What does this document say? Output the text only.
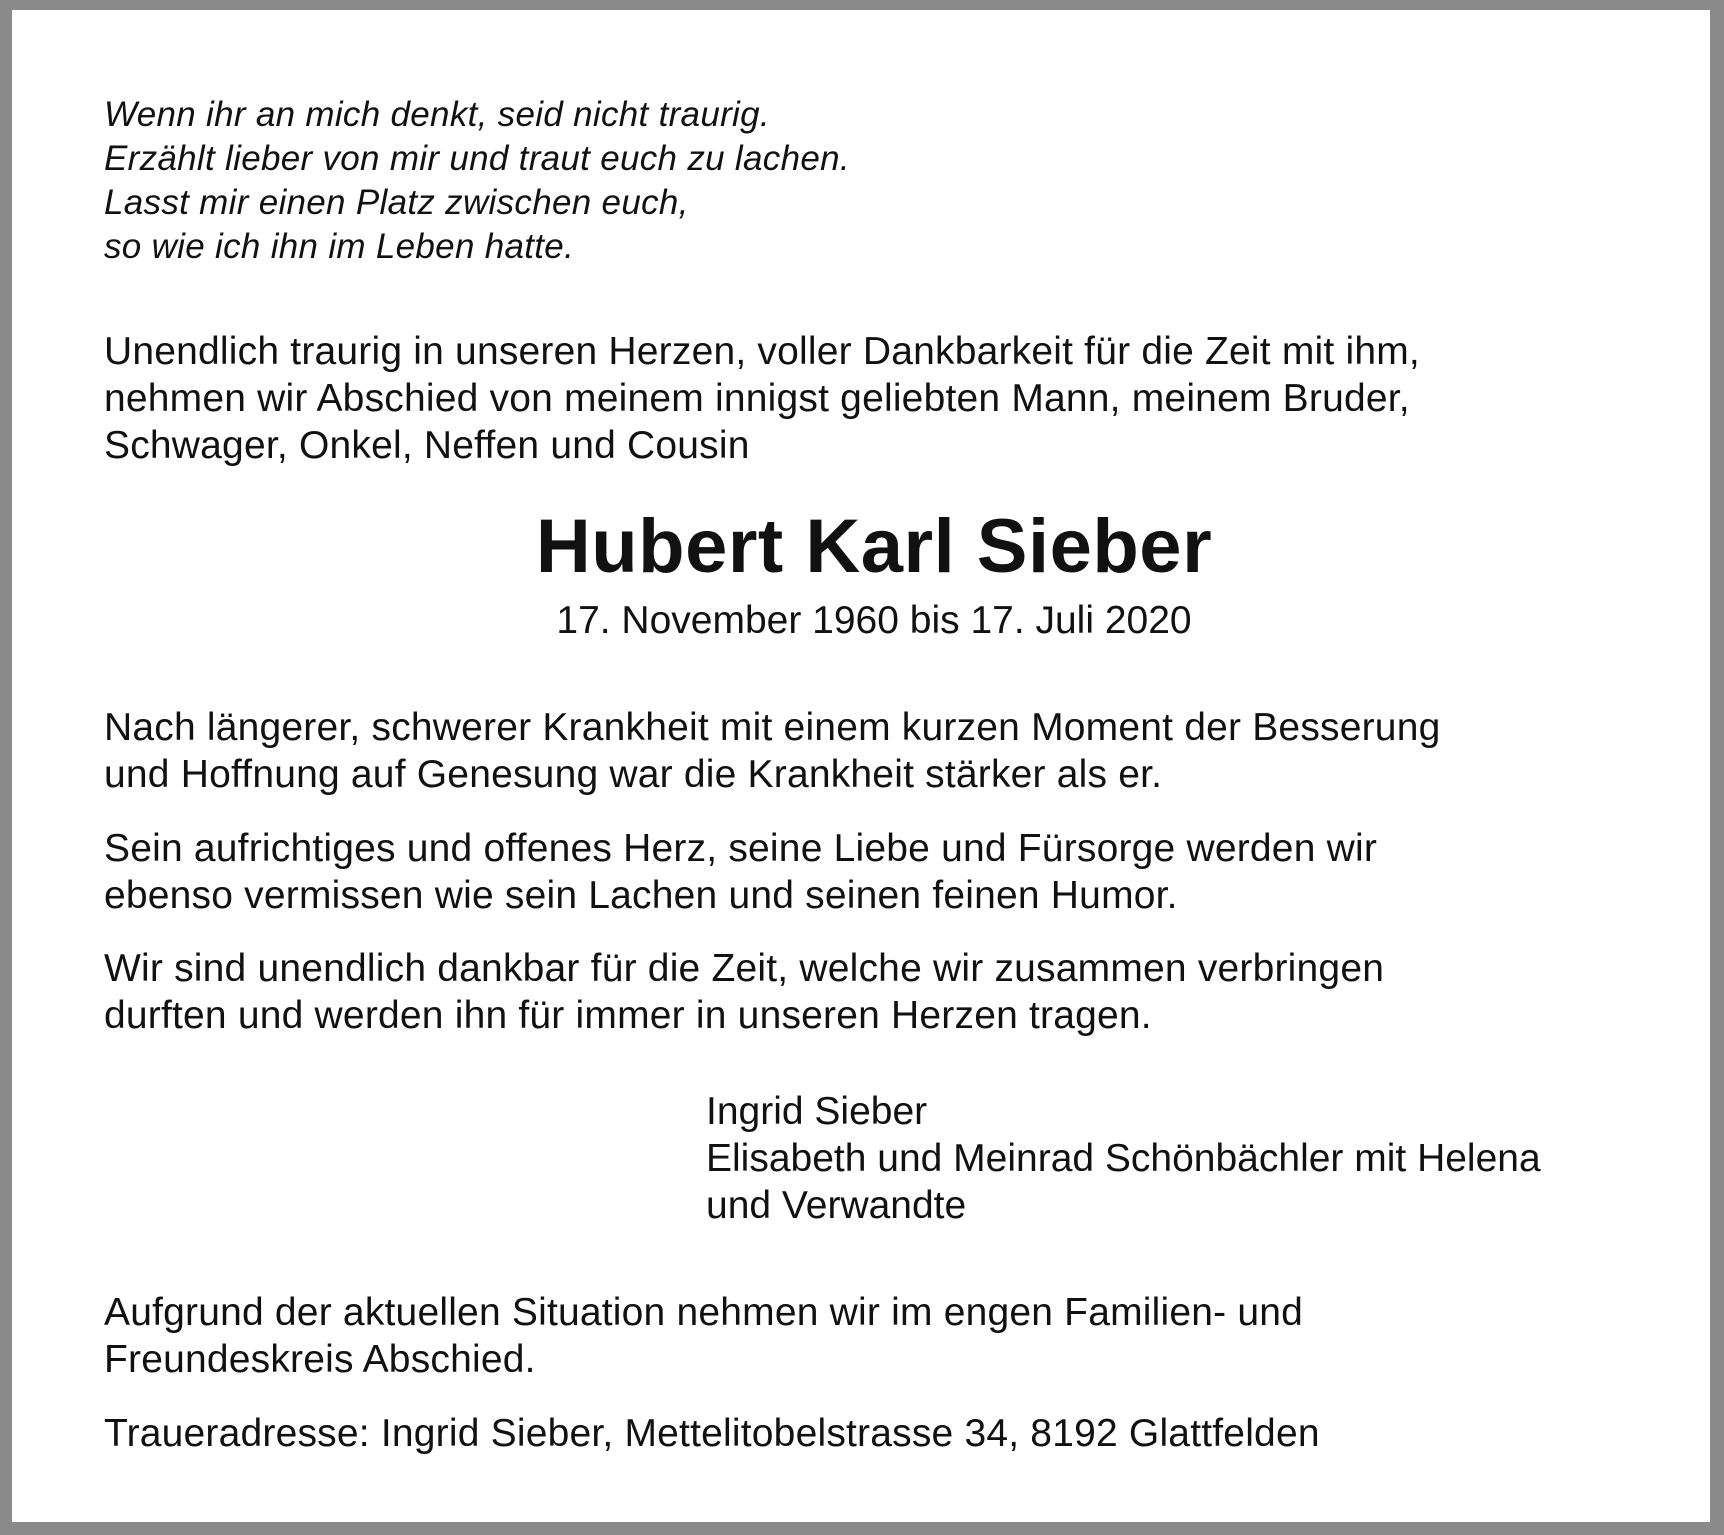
Wenn ihr an mich denkt, seid nicht traurig.
Erzählt lieber von mir und traut euch zu lachen.
Lasst mir einen Platz zwischen euch,
so wie ich ihn im Leben hatte.
Unendlich traurig in unseren Herzen, voller Dankbarkeit für die Zeit mit ihm,
nehmen wir Abschied von meinem innigst geliebten Mann, meinem Bruder,
Schwager, Onkel, Neffen und Cousin
Hubert Karl Sieber
17. November 1960 bis 17. Juli 2020
Nach längerer, schwerer Krankheit mit einem kurzen Moment der Besserung
und Hoffnung auf Genesung war die Krankheit stärker als er.
Sein aufrichtiges und offenes Herz, seine Liebe und Fürsorge werden wir
ebenso vermissen wie sein Lachen und seinen feinen Humor.
Wir sind unendlich dankbar für die Zeit, welche wir zusammen verbringen
durften und werden ihn für immer in unseren Herzen tragen.
Ingrid Sieber
Elisabeth und Meinrad Schönbächler mit Helena
und Verwandte
Aufgrund der aktuellen Situation nehmen wir im engen Familien- und
Freundeskreis Abschied.
Traueradresse: Ingrid Sieber, Mettelitobelstrasse 34, 8192 Glattfelden
